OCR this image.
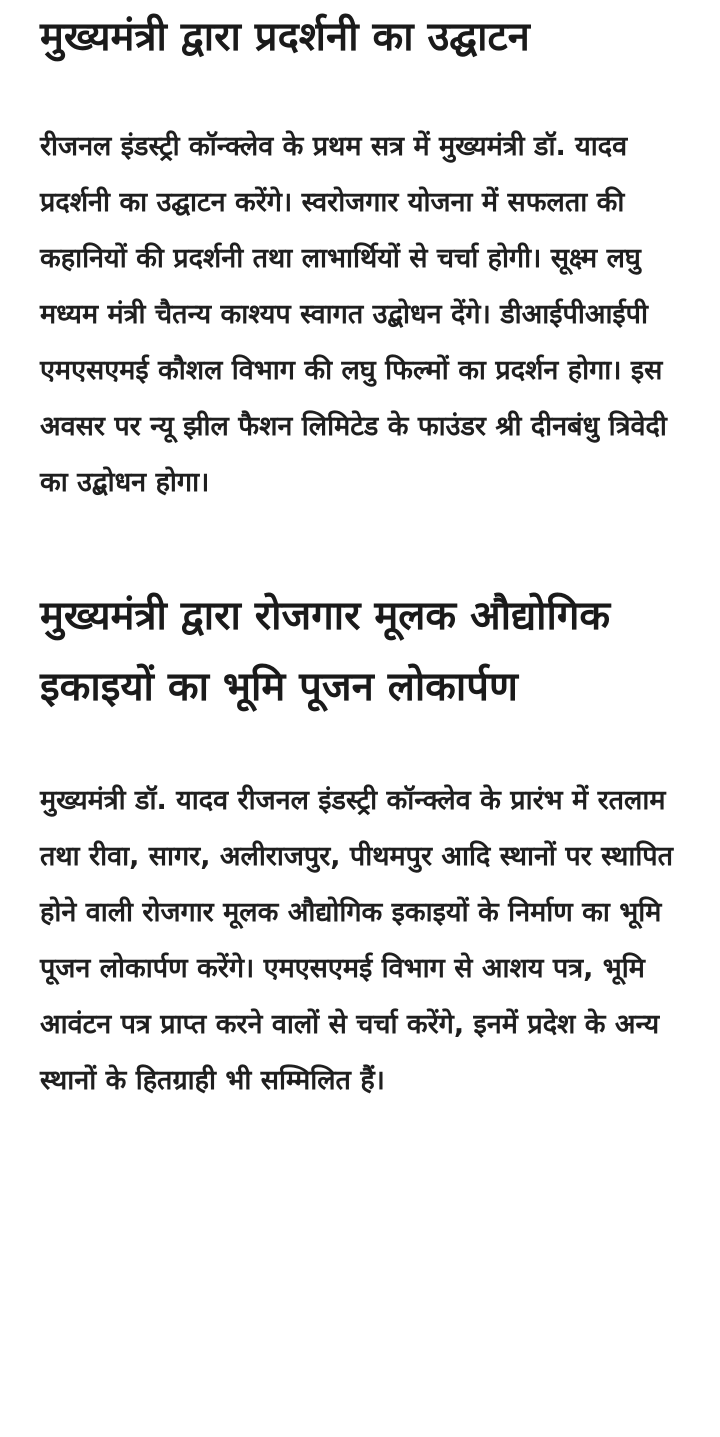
मुख्यमंत्री द्वारा प्रदर्शनी का उद्घाटन

रीजनल इंडस्ट्री कॉन्क्लेव के प्रथम सत्र में मुख्यमंत्री डॉ. यादव प्रदर्शनी का उद्घाटन करेंगे। स्वरोजगार योजना में सफलता की कहानियों की प्रदर्शनी तथा लाभार्थियों से चर्चा होगी। सूक्ष्म लघु मध्यम मंत्री चैतन्य काश्यप स्वागत उद्बोधन देंगे। डीआईपीआईपी एमएसएमई कौशल विभाग की लघु फिल्मों का प्रदर्शन होगा। इस अवसर पर न्यू झील फैशन लिमिटेड के फाउंडर श्री दीनबंधु त्रिवेदी का उद्बोधन होगा।

मुख्यमंत्री द्वारा रोजगार मूलक औद्योगिक इकाइयों का भूमि पूजन लोकार्पण

मुख्यमंत्री डॉ. यादव रीजनल इंडस्ट्री कॉन्क्लेव के प्रारंभ में रतलाम तथा रीवा, सागर, अलीराजपुर, पीथमपुर आदि स्थानों पर स्थापित होने वाली रोजगार मूलक औद्योगिक इकाइयों के निर्माण का भूमि पूजन लोकार्पण करेंगे। एमएसएमई विभाग से आशय पत्र, भूमि आवंटन पत्र प्राप्त करने वालों से चर्चा करेंगे, इनमें प्रदेश के अन्य स्थानों के हितग्राही भी सम्मिलित हैं।
